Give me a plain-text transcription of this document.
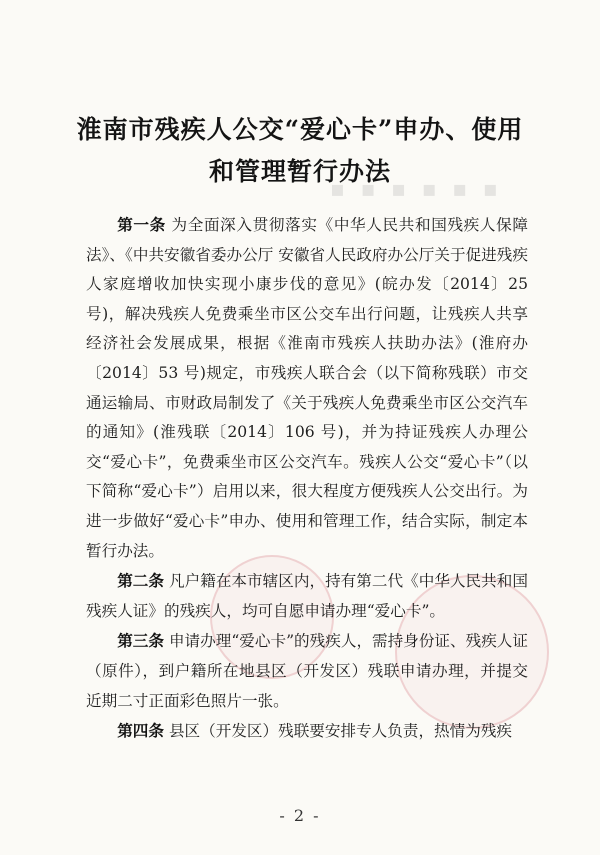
▪ ▪ ▪ ▪ ▪ ▪
淮南市残疾人公交“爱心卡”申办、使用
和管理暂行办法

第一条 为全面深入贯彻落实《中华人民共和国残疾人保障法》、《中共安徽省委办公厅 安徽省人民政府办公厅关于促进残疾人家庭增收加快实现小康步伐的意见》(皖办发〔2014〕25 号)，解决残疾人免费乘坐市区公交车出行问题，让残疾人共享经济社会发展成果，根据《淮南市残疾人扶助办法》(淮府办〔2014〕53 号)规定，市残疾人联合会（以下简称残联）市交通运输局、市财政局制发了《关于残疾人免费乘坐市区公交汽车的通知》(淮残联〔2014〕106 号)，并为持证残疾人办理公交“爱心卡”，免费乘坐市区公交汽车。残疾人公交“爱心卡”（以下简称“爱心卡”）启用以来，很大程度方便残疾人公交出行。为进一步做好“爱心卡”申办、使用和管理工作，结合实际，制定本暂行办法。

第二条 凡户籍在本市辖区内，持有第二代《中华人民共和国残疾人证》的残疾人，均可自愿申请办理“爱心卡”。

第三条 申请办理“爱心卡”的残疾人，需持身份证、残疾人证（原件），到户籍所在地县区（开发区）残联申请办理，并提交近期二寸正面彩色照片一张。

第四条 县区（开发区）残联要安排专人负责，热情为残疾

- 2 -
